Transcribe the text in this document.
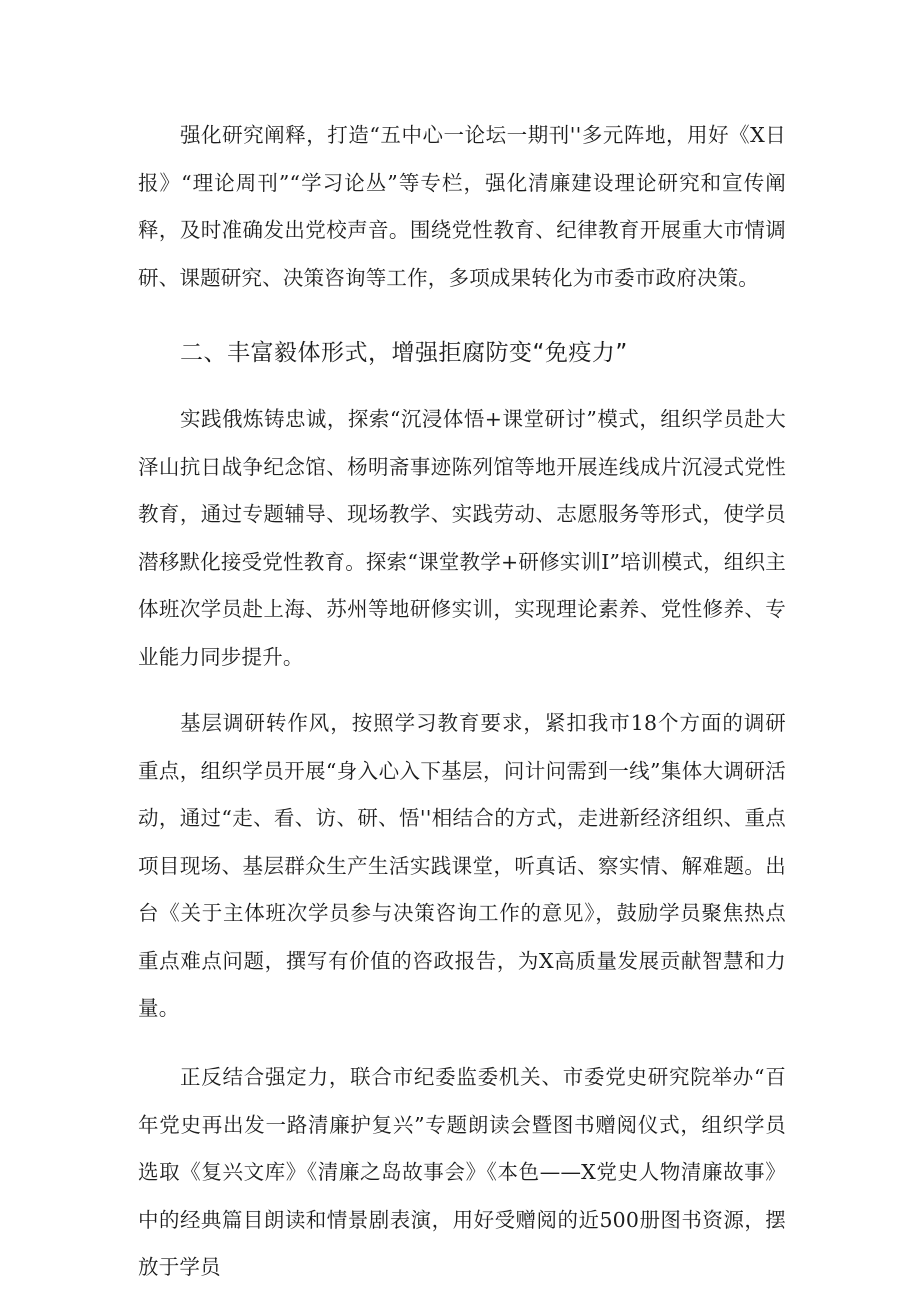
强化研究阐释，打造“五中心一论坛一期刊''多元阵地，用好《X日报》“理论周刊”“学习论丛”等专栏，强化清廉建设理论研究和宣传阐释，及时准确发出党校声音。围绕党性教育、纪律教育开展重大市情调研、课题研究、决策咨询等工作，多项成果转化为市委市政府决策。

二、丰富毅体形式，增强拒腐防变“免疫力”

实践俄炼铸忠诚，探索“沉浸体悟+课堂研讨”模式，组织学员赴大泽山抗日战争纪念馆、杨明斋事迹陈列馆等地开展连线成片沉浸式党性教育，通过专题辅导、现场教学、实践劳动、志愿服务等形式，使学员潜移默化接受党性教育。探索“课堂教学+研修实训I”培训模式，组织主体班次学员赴上海、苏州等地研修实训，实现理论素养、党性修养、专业能力同步提升。

基层调研转作风，按照学习教育要求，紧扣我市18个方面的调研重点，组织学员开展“身入心入下基层，问计问需到一线”集体大调研活动，通过“走、看、访、研、悟''相结合的方式，走进新经济组织、重点项目现场、基层群众生产生活实践课堂，听真话、察实情、解难题。出台《关于主体班次学员参与决策咨询工作的意见》，鼓励学员聚焦热点重点难点问题，撰写有价值的咨政报告，为X高质量发展贡献智慧和力量。

正反结合强定力，联合市纪委监委机关、市委党史研究院举办“百年党史再出发一路清廉护复兴”专题朗读会暨图书赠阅仪式，组织学员选取《复兴文库》《清廉之岛故事会》《本色——X党史人物清廉故事》中的经典篇目朗读和情景剧表演，用好受赠阅的近500册图书资源，摆放于学员
